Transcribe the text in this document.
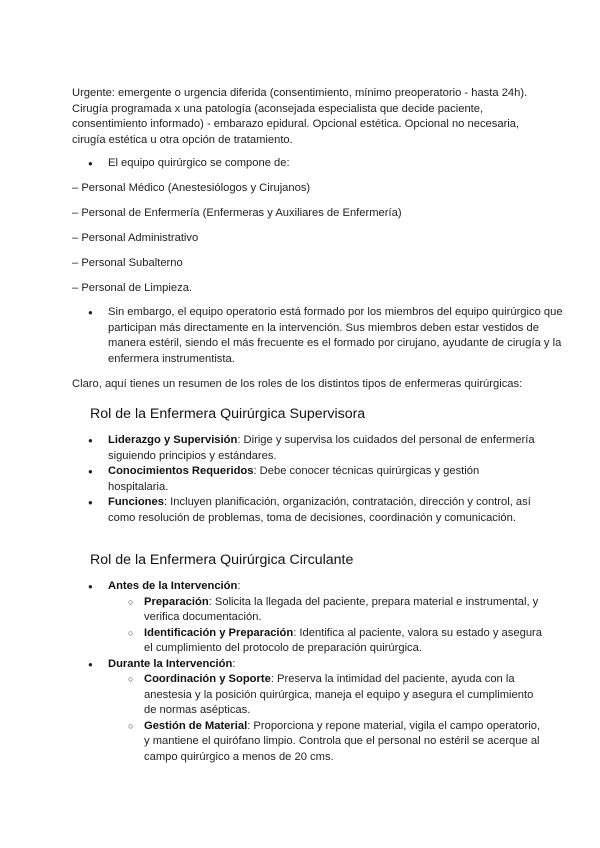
Urgente: emergente o urgencia diferida (consentimiento, mínimo preoperatorio - hasta 24h). Cirugía programada x una patología (aconsejada especialista que decide paciente, consentimiento informado) - embarazo epidural. Opcional estética. Opcional no necesaria, cirugía estética u otra opción de tratamiento.

● El equipo quirúrgico se compone de:

– Personal Médico (Anestesiólogos y Cirujanos)

– Personal de Enfermería (Enfermeras y Auxiliares de Enfermería)

– Personal Administrativo

– Personal Subalterno

– Personal de Limpieza.

● Sin embargo, el equipo operatorio está formado por los miembros del equipo quirúrgico que participan más directamente en la intervención. Sus miembros deben estar vestidos de manera estéril, siendo el más frecuente es el formado por cirujano, ayudante de cirugía y la enfermera instrumentista.

Claro, aquí tienes un resumen de los roles de los distintos tipos de enfermeras quirúrgicas:

Rol de la Enfermera Quirúrgica Supervisora
● Liderazgo y Supervisión: Dirige y supervisa los cuidados del personal de enfermería siguiendo principios y estándares.
● Conocimientos Requeridos: Debe conocer técnicas quirúrgicas y gestión hospitalaria.
● Funciones: Incluyen planificación, organización, contratación, dirección y control, así como resolución de problemas, toma de decisiones, coordinación y comunicación.
Rol de la Enfermera Quirúrgica Circulante
● Antes de la Intervención:
○ Preparación: Solicita la llegada del paciente, prepara material e instrumental, y verifica documentación.
○ Identificación y Preparación: Identifica al paciente, valora su estado y asegura el cumplimiento del protocolo de preparación quirúrgica.
● Durante la Intervención:
○ Coordinación y Soporte: Preserva la intimidad del paciente, ayuda con la anestesia y la posición quirúrgica, maneja el equipo y asegura el cumplimiento de normas asépticas.
○ Gestión de Material: Proporciona y repone material, vigila el campo operatorio, y mantiene el quirófano limpio. Controla que el personal no estéril se acerque al campo quirúrgico a menos de 20 cms.
